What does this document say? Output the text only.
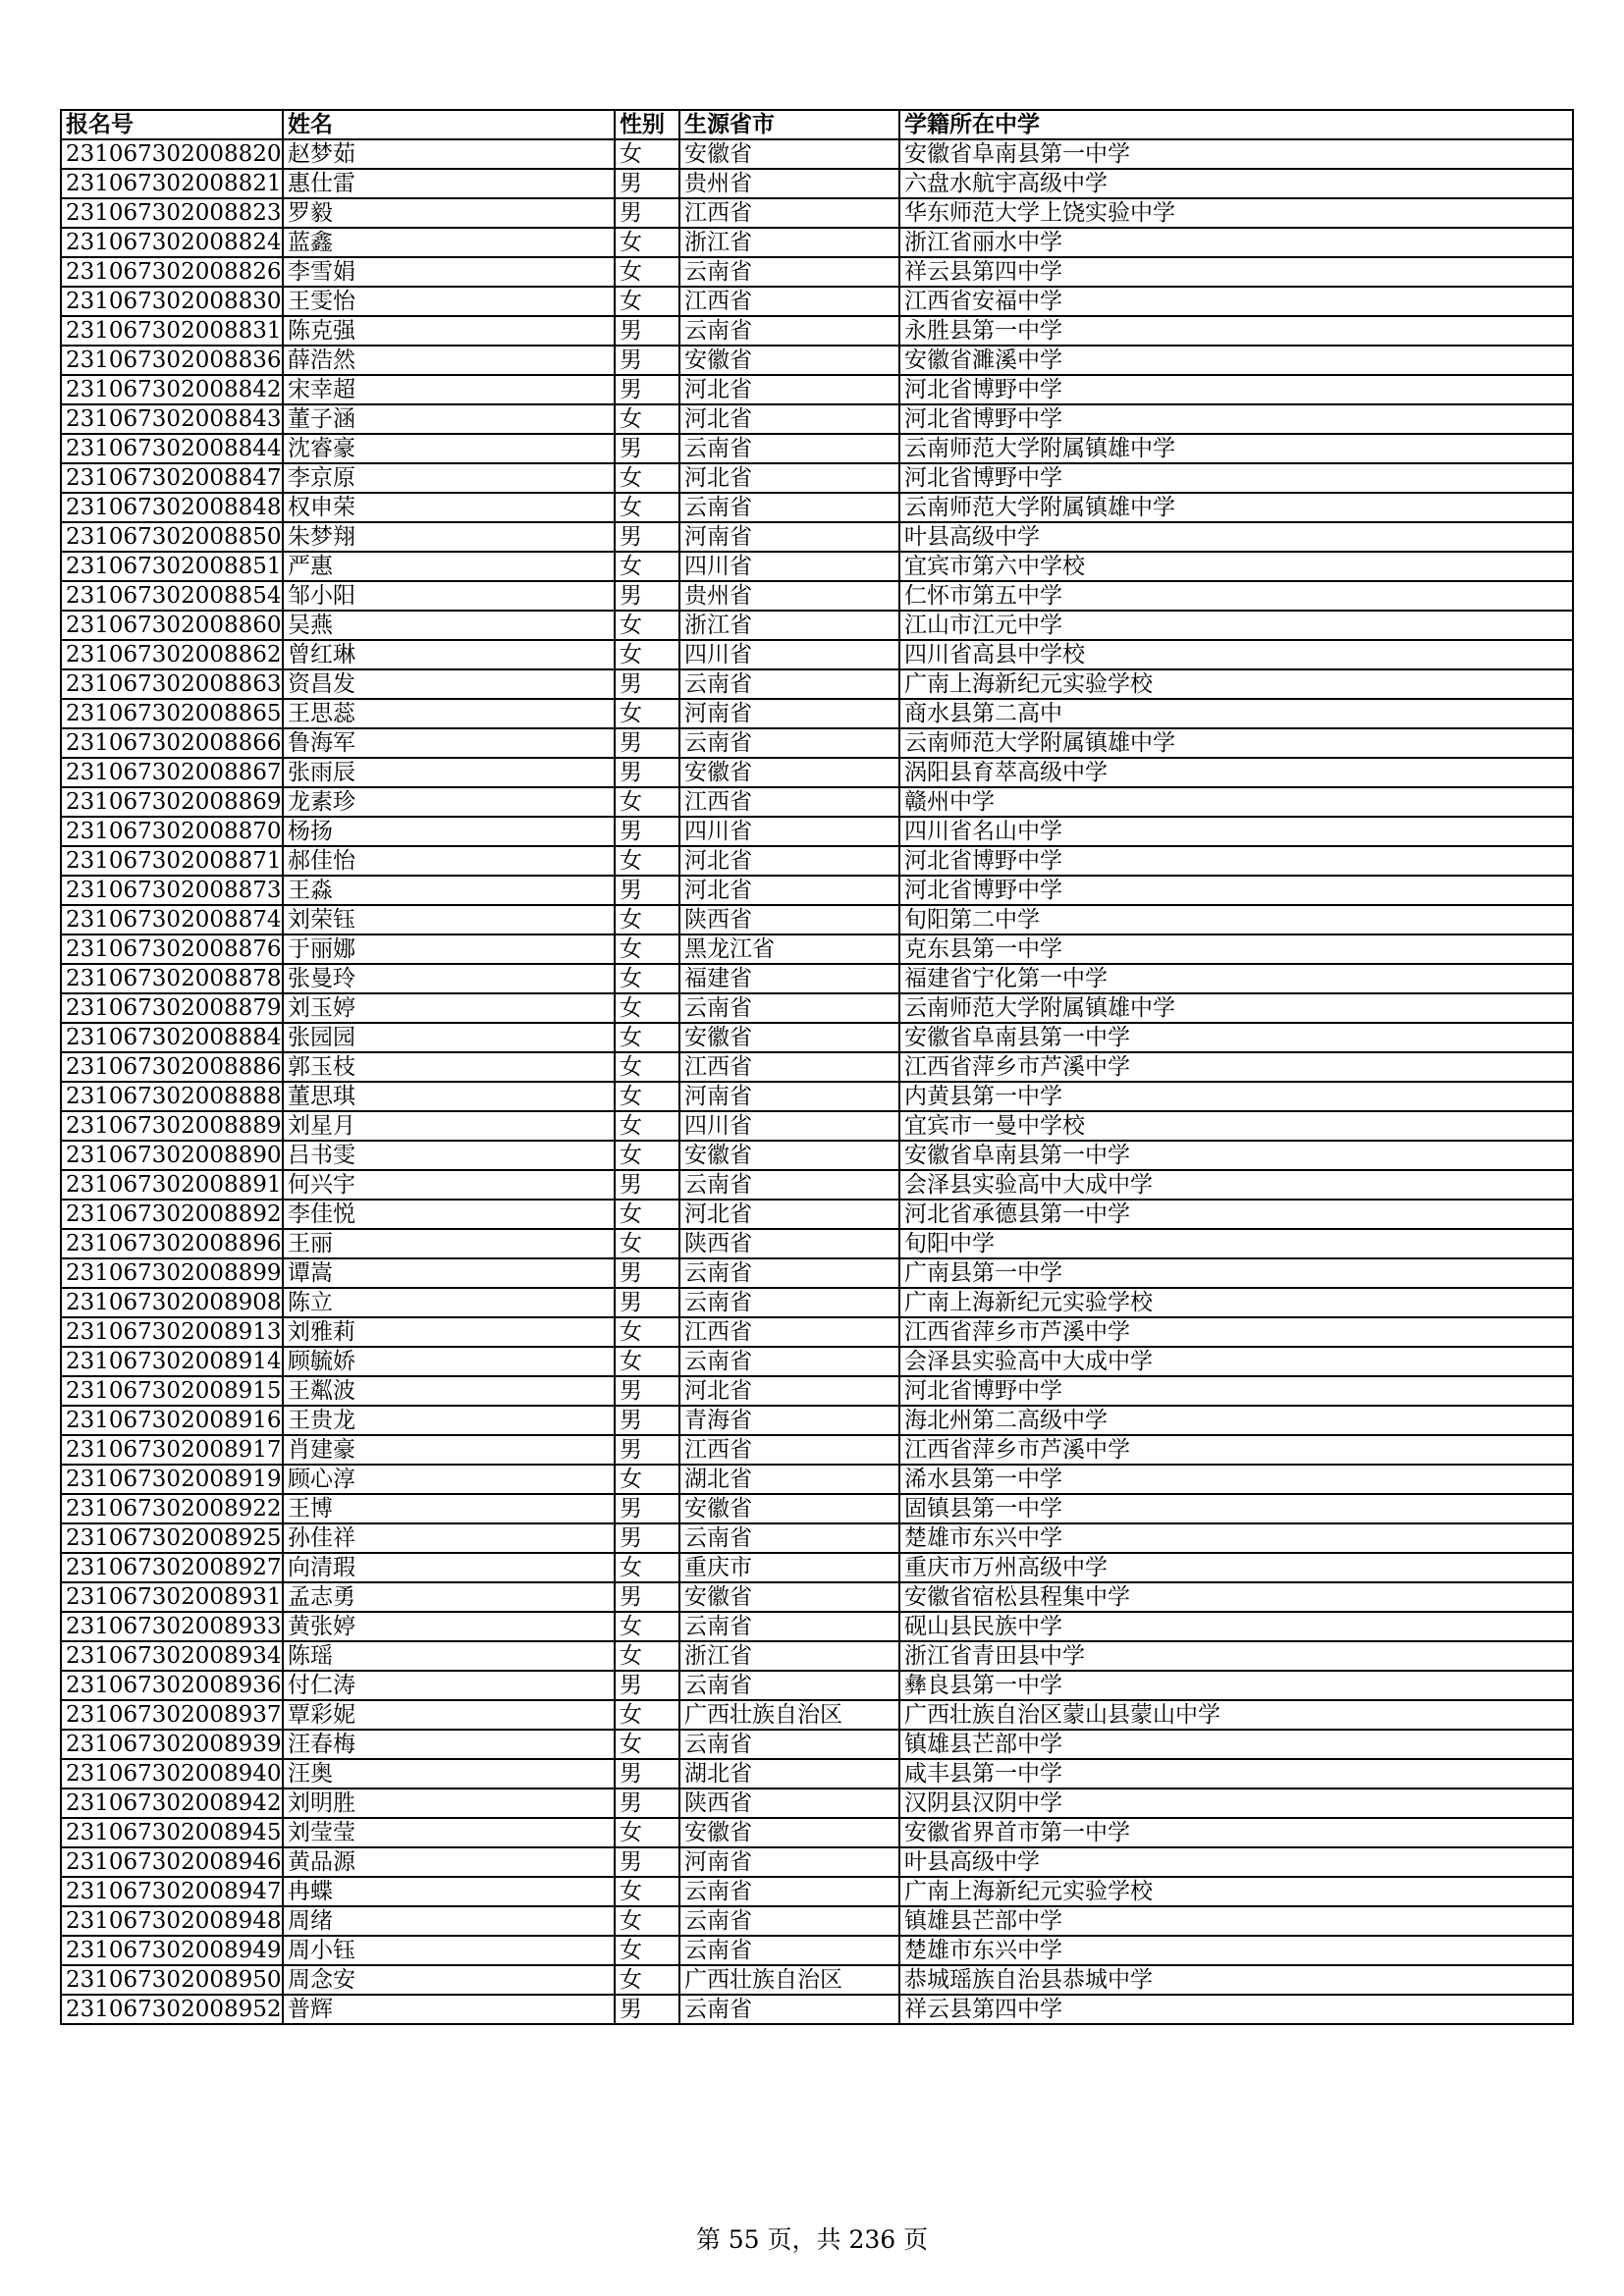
报名号	姓名	性别	生源省市	学籍所在中学
231067302008820	赵梦茹	女	安徽省	安徽省阜南县第一中学
231067302008821	惠仕雷	男	贵州省	六盘水航宇高级中学
231067302008823	罗毅	男	江西省	华东师范大学上饶实验中学
231067302008824	蓝鑫	女	浙江省	浙江省丽水中学
231067302008826	李雪娟	女	云南省	祥云县第四中学
231067302008830	王雯怡	女	江西省	江西省安福中学
231067302008831	陈克强	男	云南省	永胜县第一中学
231067302008836	薛浩然	男	安徽省	安徽省濉溪中学
231067302008842	宋幸超	男	河北省	河北省博野中学
231067302008843	董子涵	女	河北省	河北省博野中学
231067302008844	沈睿豪	男	云南省	云南师范大学附属镇雄中学
231067302008847	李京原	女	河北省	河北省博野中学
231067302008848	权申荣	女	云南省	云南师范大学附属镇雄中学
231067302008850	朱梦翔	男	河南省	叶县高级中学
231067302008851	严惠	女	四川省	宜宾市第六中学校
231067302008854	邹小阳	男	贵州省	仁怀市第五中学
231067302008860	吴燕	女	浙江省	江山市江元中学
231067302008862	曾红琳	女	四川省	四川省高县中学校
231067302008863	资昌发	男	云南省	广南上海新纪元实验学校
231067302008865	王思蕊	女	河南省	商水县第二高中
231067302008866	鲁海军	男	云南省	云南师范大学附属镇雄中学
231067302008867	张雨辰	男	安徽省	涡阳县育萃高级中学
231067302008869	龙素珍	女	江西省	赣州中学
231067302008870	杨扬	男	四川省	四川省名山中学
231067302008871	郝佳怡	女	河北省	河北省博野中学
231067302008873	王淼	男	河北省	河北省博野中学
231067302008874	刘荣钰	女	陕西省	旬阳第二中学
231067302008876	于丽娜	女	黑龙江省	克东县第一中学
231067302008878	张曼玲	女	福建省	福建省宁化第一中学
231067302008879	刘玉婷	女	云南省	云南师范大学附属镇雄中学
231067302008884	张园园	女	安徽省	安徽省阜南县第一中学
231067302008886	郭玉枝	女	江西省	江西省萍乡市芦溪中学
231067302008888	董思琪	女	河南省	内黄县第一中学
231067302008889	刘星月	女	四川省	宜宾市一曼中学校
231067302008890	吕书雯	女	安徽省	安徽省阜南县第一中学
231067302008891	何兴宇	男	云南省	会泽县实验高中大成中学
231067302008892	李佳悦	女	河北省	河北省承德县第一中学
231067302008896	王丽	女	陕西省	旬阳中学
231067302008899	谭嵩	男	云南省	广南县第一中学
231067302008908	陈立	男	云南省	广南上海新纪元实验学校
231067302008913	刘雅莉	女	江西省	江西省萍乡市芦溪中学
231067302008914	顾毓娇	女	云南省	会泽县实验高中大成中学
231067302008915	王粼波	男	河北省	河北省博野中学
231067302008916	王贵龙	男	青海省	海北州第二高级中学
231067302008917	肖建豪	男	江西省	江西省萍乡市芦溪中学
231067302008919	顾心淳	女	湖北省	浠水县第一中学
231067302008922	王博	男	安徽省	固镇县第一中学
231067302008925	孙佳祥	男	云南省	楚雄市东兴中学
231067302008927	向清瑕	女	重庆市	重庆市万州高级中学
231067302008931	孟志勇	男	安徽省	安徽省宿松县程集中学
231067302008933	黄张婷	女	云南省	砚山县民族中学
231067302008934	陈瑶	女	浙江省	浙江省青田县中学
231067302008936	付仁涛	男	云南省	彝良县第一中学
231067302008937	覃彩妮	女	广西壮族自治区	广西壮族自治区蒙山县蒙山中学
231067302008939	汪春梅	女	云南省	镇雄县芒部中学
231067302008940	汪奥	男	湖北省	咸丰县第一中学
231067302008942	刘明胜	男	陕西省	汉阴县汉阴中学
231067302008945	刘莹莹	女	安徽省	安徽省界首市第一中学
231067302008946	黄品源	男	河南省	叶县高级中学
231067302008947	冉蝶	女	云南省	广南上海新纪元实验学校
231067302008948	周绪	女	云南省	镇雄县芒部中学
231067302008949	周小钰	女	云南省	楚雄市东兴中学
231067302008950	周念安	女	广西壮族自治区	恭城瑶族自治县恭城中学
231067302008952	普辉	男	云南省	祥云县第四中学
第 55 页，共 236 页
